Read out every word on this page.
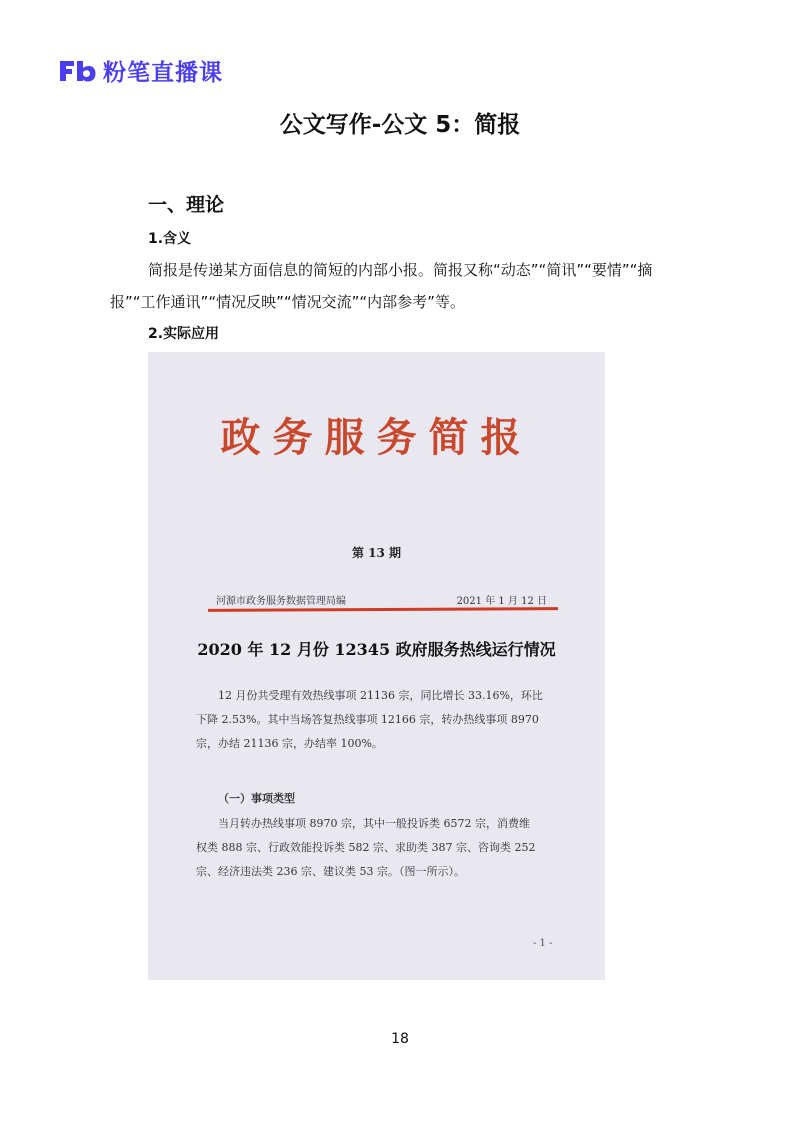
粉笔直播课
公文写作-公文 5：简报
一、理论
1.含义
简报是传递某方面信息的简短的内部小报。简报又称“动态”“简讯”“要情”“摘
报”“工作通讯”“情况反映”“情况交流”“内部参考”等。
2.实际应用
政务服务简报
第 13 期
河源市政务服务数据管理局编	2021 年 1 月 12 日
2020 年 12 月份 12345 政府服务热线运行情况
12 月份共受理有效热线事项 21136 宗，同比增长 33.16%，环比
下降 2.53%。其中当场答复热线事项 12166 宗，转办热线事项 8970
宗，办结 21136 宗，办结率 100%。
（一）事项类型
当月转办热线事项 8970 宗，其中一般投诉类 6572 宗，消费维
权类 888 宗、行政效能投诉类 582 宗、求助类 387 宗、咨询类 252
宗、经济违法类 236 宗、建议类 53 宗。（图一所示）。
- 1 -
18
